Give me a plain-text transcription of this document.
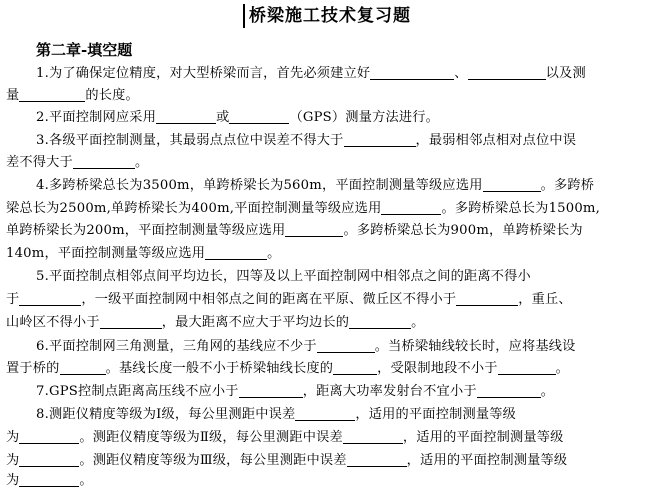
桥梁施工技术复习题
第二章-填空题
1.为了确保定位精度，对大型桥梁而言，首先必须建立好	、	以及测
量	的长度。
2.平面控制网应采用	或	（GPS）测量方法进行。
3.各级平面控制测量，其最弱点点位中误差不得大于	，最弱相邻点相对点位中误
差不得大于	。
4.多跨桥梁总长为3500m，单跨桥梁长为560m，平面控制测量等级应选用	。多跨桥
梁总长为2500m,单跨桥梁长为400m,平面控制测量等级应选用	。多跨桥梁总长为1500m,
单跨桥梁长为200m，平面控制测量等级应选用	。多跨桥梁总长为900m，单跨桥梁长为
140m，平面控制测量等级应选用	。
5.平面控制点相邻点间平均边长，四等及以上平面控制网中相邻点之间的距离不得小
于	，一级平面控制网中相邻点之间的距离在平原、微丘区不得小于	，重丘、
山岭区不得小于	，最大距离不应大于平均边长的	。
6.平面控制网三角测量，三角网的基线应不少于	。当桥梁轴线较长时，应将基线设
置于桥的	。基线长度一般不小于桥梁轴线长度的	，受限制地段不小于	。
7.GPS控制点距离高压线不应小于	，距离大功率发射台不宜小于	。
8.测距仪精度等级为Ⅰ级，每公里测距中误差	，适用的平面控制测量等级
为	。测距仪精度等级为Ⅱ级，每公里测距中误差	，适用的平面控制测量等级
为	。测距仪精度等级为Ⅲ级，每公里测距中误差	，适用的平面控制测量等级
为	。
